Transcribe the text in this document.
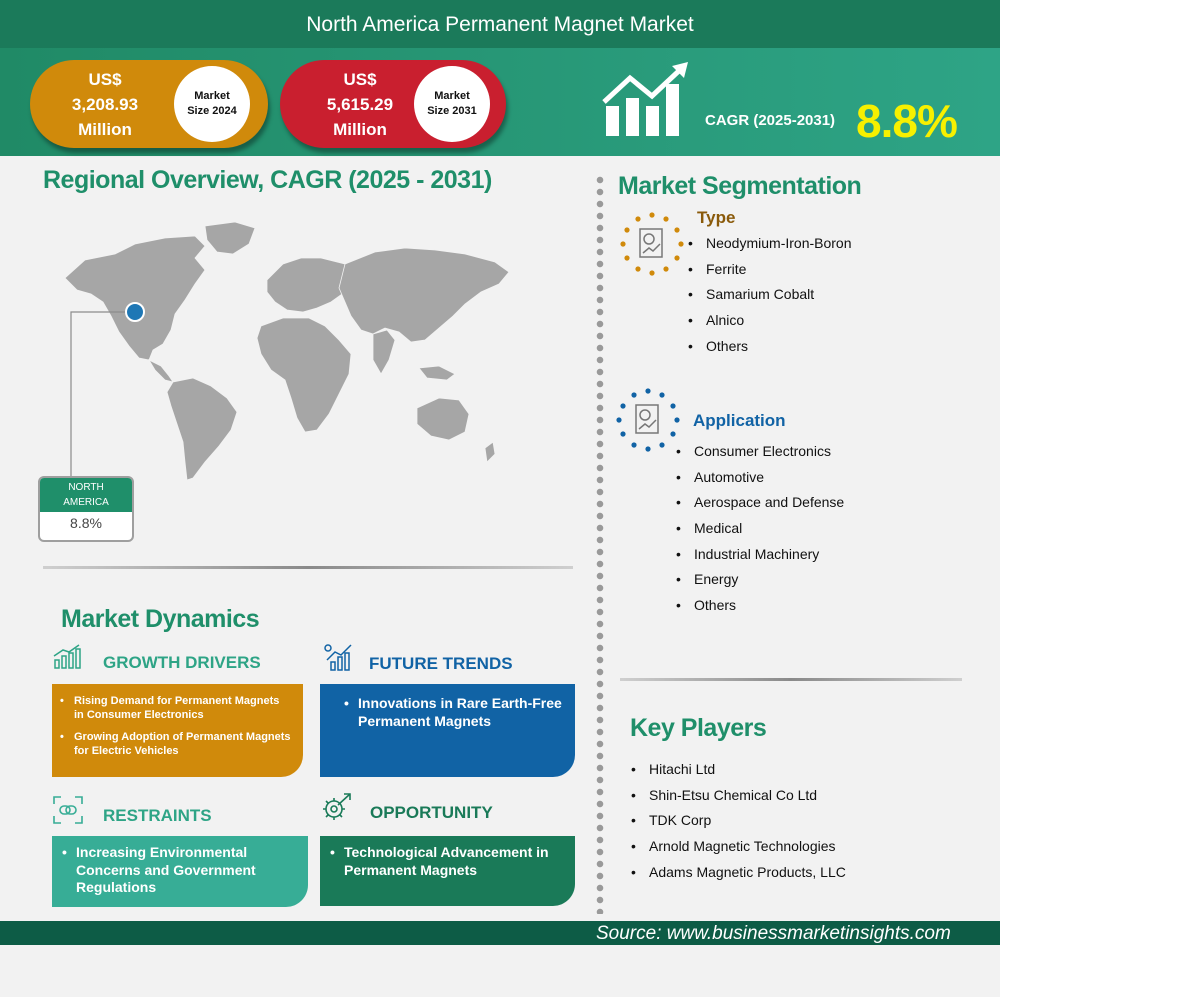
North America Permanent Magnet Market
US$
3,208.93
Million
Market
Size 2024
US$
5,615.29
Million
Market
Size 2031
CAGR (2025-2031) 8.8%
Regional Overview, CAGR (2025 - 2031)
NORTH
AMERICA
8.8%
Market Segmentation
Type
• Neodymium-Iron-Boron
• Ferrite
• Samarium Cobalt
• Alnico
• Others
Application
• Consumer Electronics
• Automotive
• Aerospace and Defense
• Medical
• Industrial Machinery
• Energy
• Others
Key Players
• Hitachi Ltd
• Shin-Etsu Chemical Co Ltd
• TDK Corp
• Arnold Magnetic Technologies
• Adams Magnetic Products, LLC
Market Dynamics
GROWTH DRIVERS
• Rising Demand for Permanent Magnets in Consumer Electronics
• Growing Adoption of Permanent Magnets for Electric Vehicles
FUTURE TRENDS
• Innovations in Rare Earth-Free Permanent Magnets
RESTRAINTS
• Increasing Environmental Concerns and Government Regulations
OPPORTUNITY
• Technological Advancement in Permanent Magnets
Source: www.businessmarketinsights.com
